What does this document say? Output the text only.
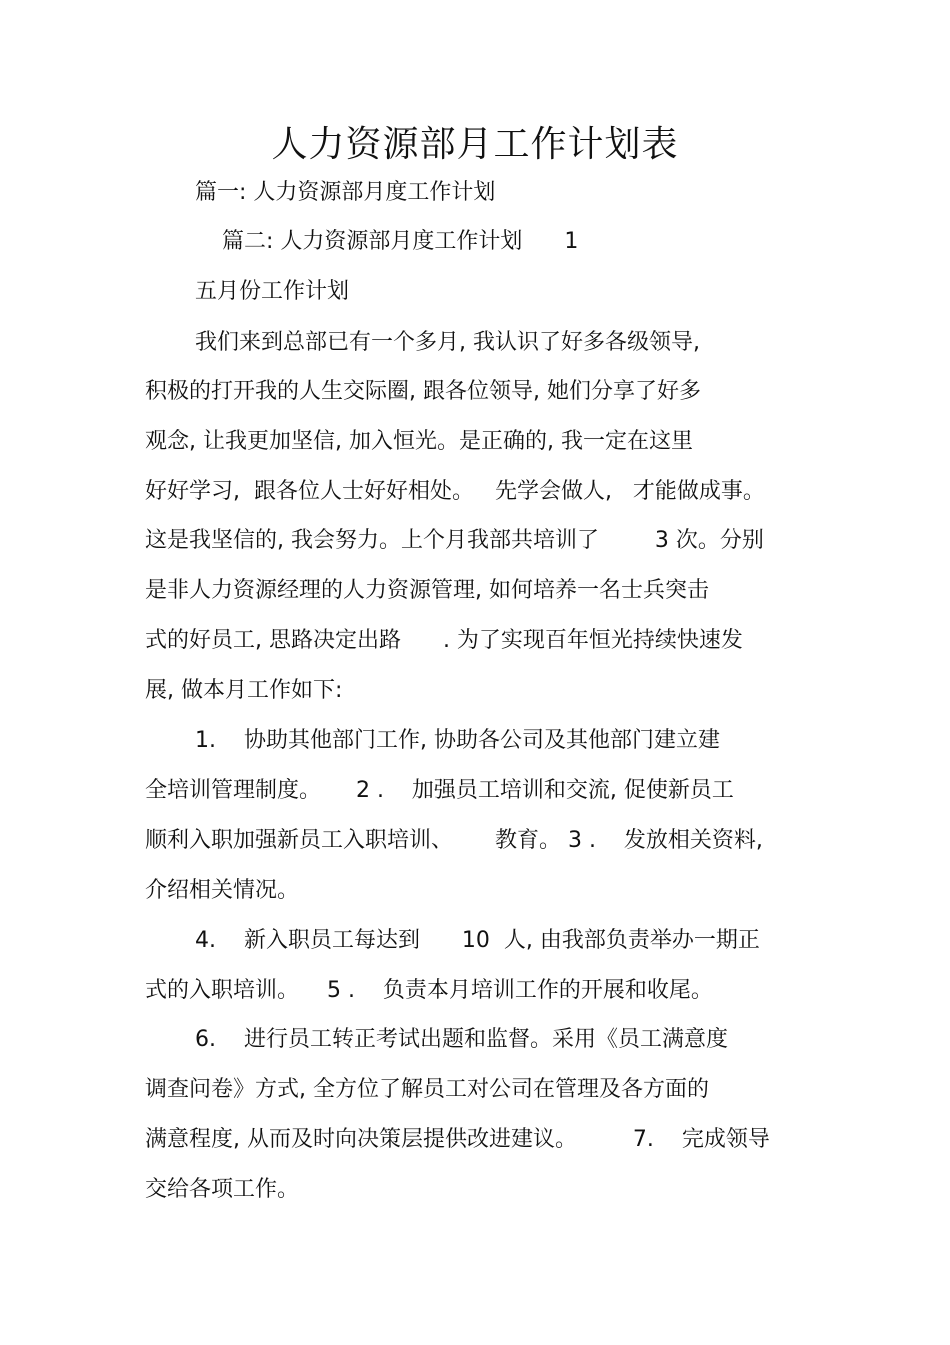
人力资源部月工作计划表
篇一: 人力资源部月度工作计划
篇二: 人力资源部月度工作计划      1
五月份工作计划
我们来到总部已有一个多月, 我认识了好多各级领导,
积极的打开我的人生交际圈, 跟各位领导, 她们分享了好多
观念, 让我更加坚信, 加入恒光。是正确的, 我一定在这里
好好学习,  跟各位人士好好相处。   先学会做人,   才能做成事。
这是我坚信的, 我会努力。上个月我部共培训了        3 次。分别
是非人力资源经理的人力资源管理, 如何培养一名士兵突击
式的好员工, 思路决定出路      . 为了实现百年恒光持续快速发
展, 做本月工作如下:
1.    协助其他部门工作, 协助各公司及其他部门建立建
全培训管理制度。     2 .    加强员工培训和交流, 促使新员工
顺利入职加强新员工入职培训、      教育。 3 .    发放相关资料,
介绍相关情况。
4.    新入职员工每达到      10  人, 由我部负责举办一期正
式的入职培训。    5 .    负责本月培训工作的开展和收尾。
6.    进行员工转正考试出题和监督。采用《员工满意度
调查问卷》方式, 全方位了解员工对公司在管理及各方面的
满意程度, 从而及时向决策层提供改进建议。        7.    完成领导
交给各项工作。
